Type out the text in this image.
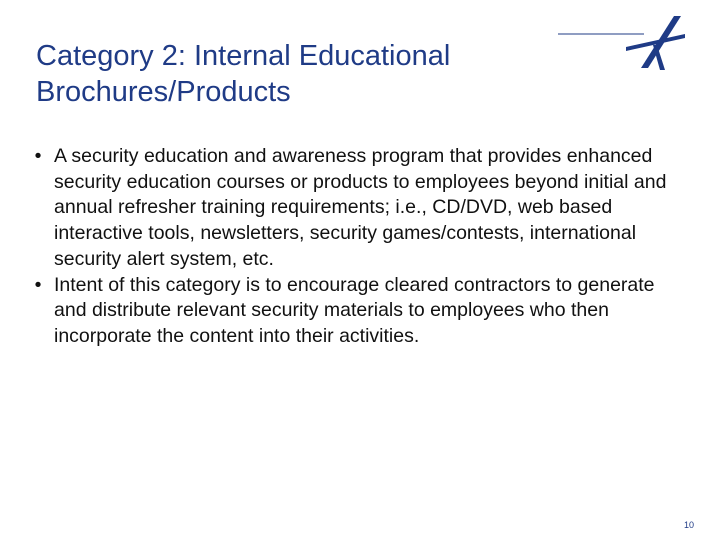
Category 2: Internal Educational
Brochures/Products
• A security education and awareness program that provides enhanced security education courses or products to employees beyond initial and annual refresher training requirements; i.e., CD/DVD, web based interactive tools, newsletters, security games/contests, international security alert system, etc.
• Intent of this category is to encourage cleared contractors to generate and distribute relevant security materials to employees who then incorporate the content into their activities.
10
